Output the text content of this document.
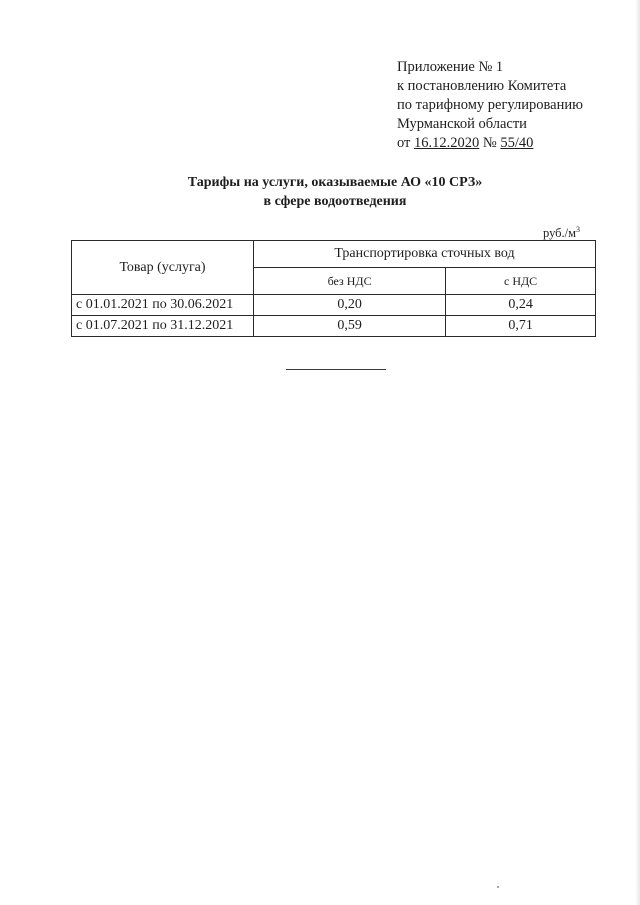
Приложение № 1
к постановлению Комитета
по тарифному регулированию
Мурманской области
от 16.12.2020 № 55/40
Тарифы на услуги, оказываемые АО «10 СРЗ»
в сфере водоотведения
$руб./м^3$
Товар (услуга)	Транспортировка сточных вод	
	без НДС	с НДС
с 01.01.2021 по 30.06.2021	0,20	0,24
с 01.07.2021 по 31.12.2021	0,59	0,71
